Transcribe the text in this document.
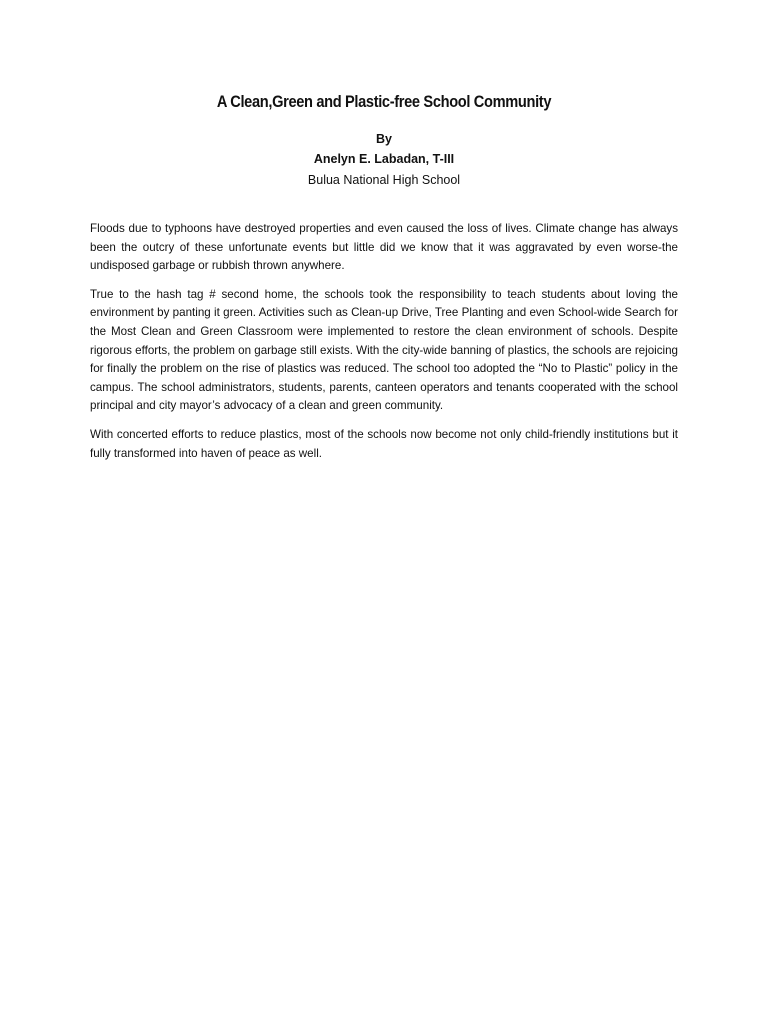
A Clean,Green and Plastic-free School Community
By
Anelyn E. Labadan, T-III
Bulua National High School

Floods due to typhoons have destroyed properties and even caused the loss of lives. Climate change has always been the outcry of these unfortunate events but little did we know that it was aggravated by even worse-the undisposed garbage or rubbish thrown anywhere.

True to the hash tag # second home, the schools took the responsibility to teach students about loving the environment by panting it green. Activities such as Clean-up Drive, Tree Planting and even School-wide Search for the Most Clean and Green Classroom were implemented to restore the clean environment of schools. Despite rigorous efforts, the problem on garbage still exists. With the city-wide banning of plastics, the schools are rejoicing for finally the problem on the rise of plastics was reduced. The school too adopted the “No to Plastic” policy in the campus. The school administrators, students, parents, canteen operators and tenants cooperated with the school principal and city mayor’s advocacy of a clean and green community.

With concerted efforts to reduce plastics, most of the schools now become not only child-friendly institutions but it fully transformed into haven of peace as well.
